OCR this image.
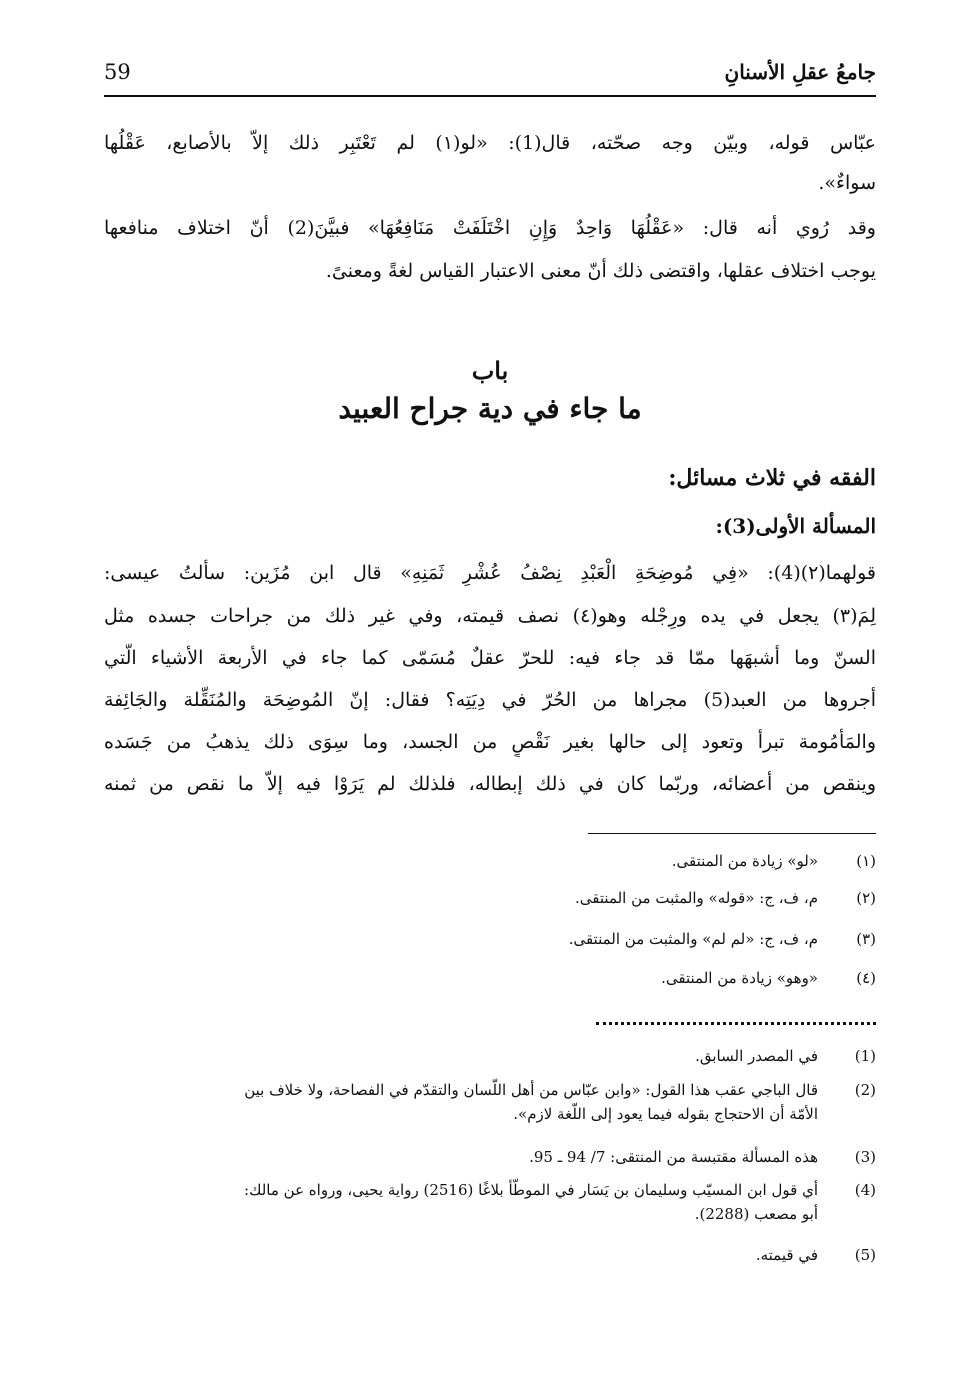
جامعُ عقلِ الأسنانِ
59
عبّاس قوله، وبيّن وجه صحّته، قال(1): «لو(١) لم تَعْتَبِر ذلك إلاّ بالأصابع، عَقْلُها
سواءٌ».
وقد رُوي أنه قال: «عَقْلُهَا وَاحِدٌ وَإِنِ اخْتَلَفَتْ مَنَافِعُهَا» فبيَّنَ(2) أنّ اختلاف منافعها
يوجب اختلاف عقلها، واقتضى ذلك أنّ معنى الاعتبار القياس لغةً ومعنىً.
باب
ما جاء في دية جراح العبيد
الفقه في ثلاث مسائل:
المسألة الأولى(3):
قولهما(٢)(4): «فِي مُوضِحَةِ الْعَبْدِ نِصْفُ عُشْرِ ثَمَنِهِ» قال ابن مُزَين: سألتُ عيسى:
لِمَ(٣) يجعل في يده ورِجْله وهو(٤) نصف قيمته، وفي غير ذلك من جراحات جسده مثل
السنّ وما أشبهَها ممّا قد جاء فيه: للحرّ عقلٌ مُسَمّى كما جاء في الأربعة الأشياء الّتي
أجروها من العبد(5) مجراها من الحُرّ في دِيَتِه؟ فقال: إنّ المُوضِحَة والمُنَقِّلة والجَائِفة
والمَأْمُومة تبرأ وتعود إلى حالها بغير نَقْصٍ من الجسد، وما سِوَى ذلك يذهبُ من جَسَده
وينقص من أعضائه، وربّما كان في ذلك إبطاله، فلذلك لم يَرَوْا فيه إلاّ ما نقص من ثمنه
(١)
«لو» زيادة من المنتقى.
(٢)
م، ف، ج: «قوله» والمثبت من المنتقى.
(٣)
م، ف، ج: «لم لم» والمثبت من المنتقى.
(٤)
«وهو» زيادة من المنتقى.
(1)
في المصدر السابق.
(2)
قال الباجي عقب هذا القول: «وابن عبّاس من أهل اللّسان والتقدّم في الفصاحة، ولا خلاف بين
الأمّة أن الاحتجاج بقوله فيما يعود إلى اللّغة لازم».
(3)
هذه المسألة مقتبسة من المنتقى: 7/ 94 ـ 95.
(4)
أي قول ابن المسيّب وسليمان بن يَسَار في الموطّأ بلاغًا (2516) رواية يحيى، ورواه عن مالك:
أبو مصعب (2288).
(5)
في قيمته.
